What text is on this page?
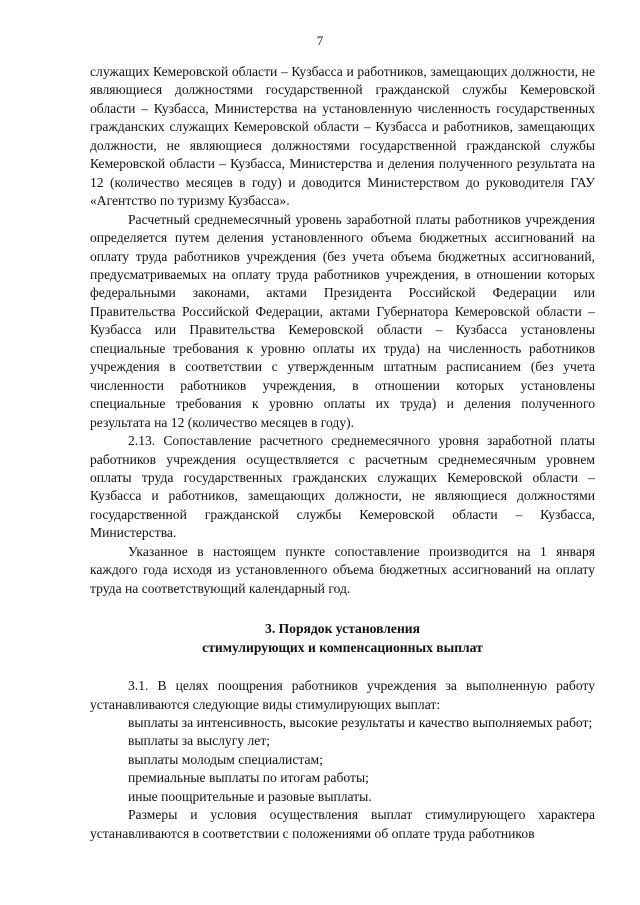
7

служащих Кемеровской области – Кузбасса и работников, замещающих должности, не являющиеся должностями государственной гражданской службы Кемеровской области – Кузбасса, Министерства на установленную численность государственных гражданских служащих Кемеровской области – Кузбасса и работников, замещающих должности, не являющиеся должностями государственной гражданской службы Кемеровской области – Кузбасса, Министерства и деления полученного результата на 12 (количество месяцев в году) и доводится Министерством до руководителя ГАУ «Агентство по туризму Кузбасса».

Расчетный среднемесячный уровень заработной платы работников учреждения определяется путем деления установленного объема бюджетных ассигнований на оплату труда работников учреждения (без учета объема бюджетных ассигнований, предусматриваемых на оплату труда работников учреждения, в отношении которых федеральными законами, актами Президента Российской Федерации или Правительства Российской Федерации, актами Губернатора Кемеровской области – Кузбасса или Правительства Кемеровской области – Кузбасса установлены специальные требования к уровню оплаты их труда) на численность работников учреждения в соответствии с утвержденным штатным расписанием (без учета численности работников учреждения, в отношении которых установлены специальные требования к уровню оплаты их труда) и деления полученного результата на 12 (количество месяцев в году).

2.13. Сопоставление расчетного среднемесячного уровня заработной платы работников учреждения осуществляется с расчетным среднемесячным уровнем оплаты труда государственных гражданских служащих Кемеровской области – Кузбасса и работников, замещающих должности, не являющиеся должностями государственной гражданской службы Кемеровской области – Кузбасса, Министерства.

Указанное в настоящем пункте сопоставление производится на 1 января каждого года исходя из установленного объема бюджетных ассигнований на оплату труда на соответствующий календарный год.

3. Порядок установления
стимулирующих и компенсационных выплат

3.1. В целях поощрения работников учреждения за выполненную работу устанавливаются следующие виды стимулирующих выплат:

выплаты за интенсивность, высокие результаты и качество выполняемых работ;

выплаты за выслугу лет;

выплаты молодым специалистам;

премиальные выплаты по итогам работы;

иные поощрительные и разовые выплаты.

Размеры и условия осуществления выплат стимулирующего характера устанавливаются в соответствии с положениями об оплате труда работников
